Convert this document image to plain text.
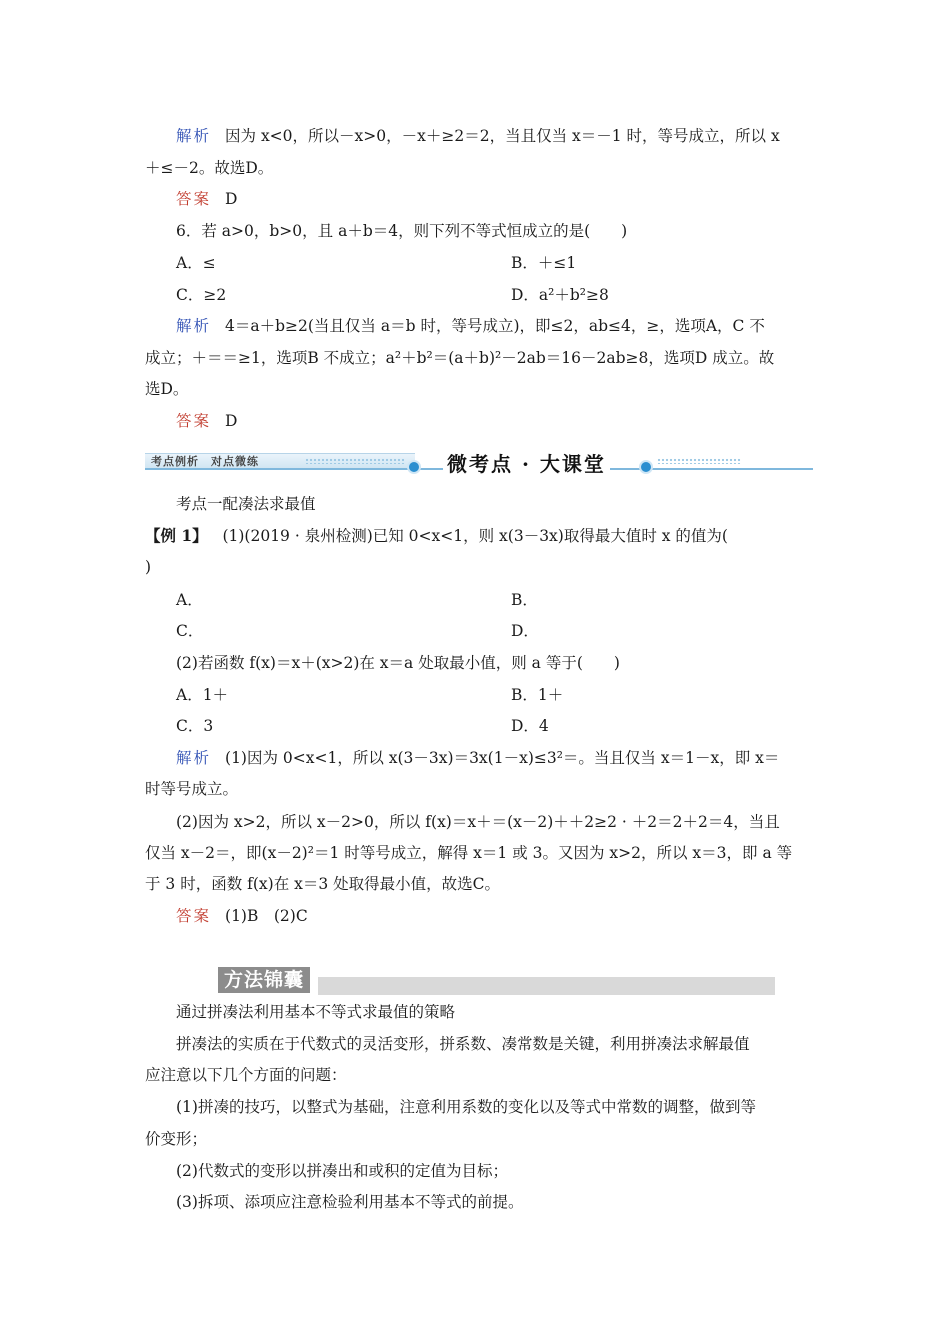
解析 因为 x<0，所以－x>0，－x＋≥2＝2，当且仅当 x＝－1 时，等号成立，所以 x
＋≤－2。故选D。
答案 D
6．若 a>0，b>0，且 a＋b＝4，则下列不等式恒成立的是(　　)
A．≤	B．＋≤1
C．≥2	D．a²＋b²≥8
解析 4＝a＋b≥2(当且仅当 a＝b 时，等号成立)，即≤2，ab≤4，≥，选项A，C 不
成立；＋＝＝≥1，选项B 不成立；a²＋b²＝(a＋b)²－2ab＝16－2ab≥8，选项D 成立。故
选D。
答案 D
考点例析　对点微练	微考点 · 大课堂
考点一配凑法求最值
【例 1】 (1)(2019 · 泉州检测)已知 0<x<1，则 x(3－3x)取得最大值时 x 的值为(
)
A．	B．
C．	D．
(2)若函数 f(x)＝x＋(x>2)在 x＝a 处取最小值，则 a 等于(　　)
A．1＋	B．1＋
C．3	D．4
解析 (1)因为 0<x<1，所以 x(3－3x)＝3x(1－x)≤3²＝。当且仅当 x＝1－x，即 x＝
时等号成立。
(2)因为 x>2，所以 x－2>0，所以 f(x)＝x＋＝(x－2)＋＋2≥2 · ＋2＝2＋2＝4，当且
仅当 x－2＝，即(x－2)²＝1 时等号成立，解得 x＝1 或 3。又因为 x>2，所以 x＝3，即 a 等
于 3 时，函数 f(x)在 x＝3 处取得最小值，故选C。
答案 (1)B　(2)C
方法锦囊
通过拼凑法利用基本不等式求最值的策略
拼凑法的实质在于代数式的灵活变形，拼系数、凑常数是关键，利用拼凑法求解最值
应注意以下几个方面的问题：
(1)拼凑的技巧，以整式为基础，注意利用系数的变化以及等式中常数的调整，做到等
价变形；
(2)代数式的变形以拼凑出和或积的定值为目标；
(3)拆项、添项应注意检验利用基本不等式的前提。
